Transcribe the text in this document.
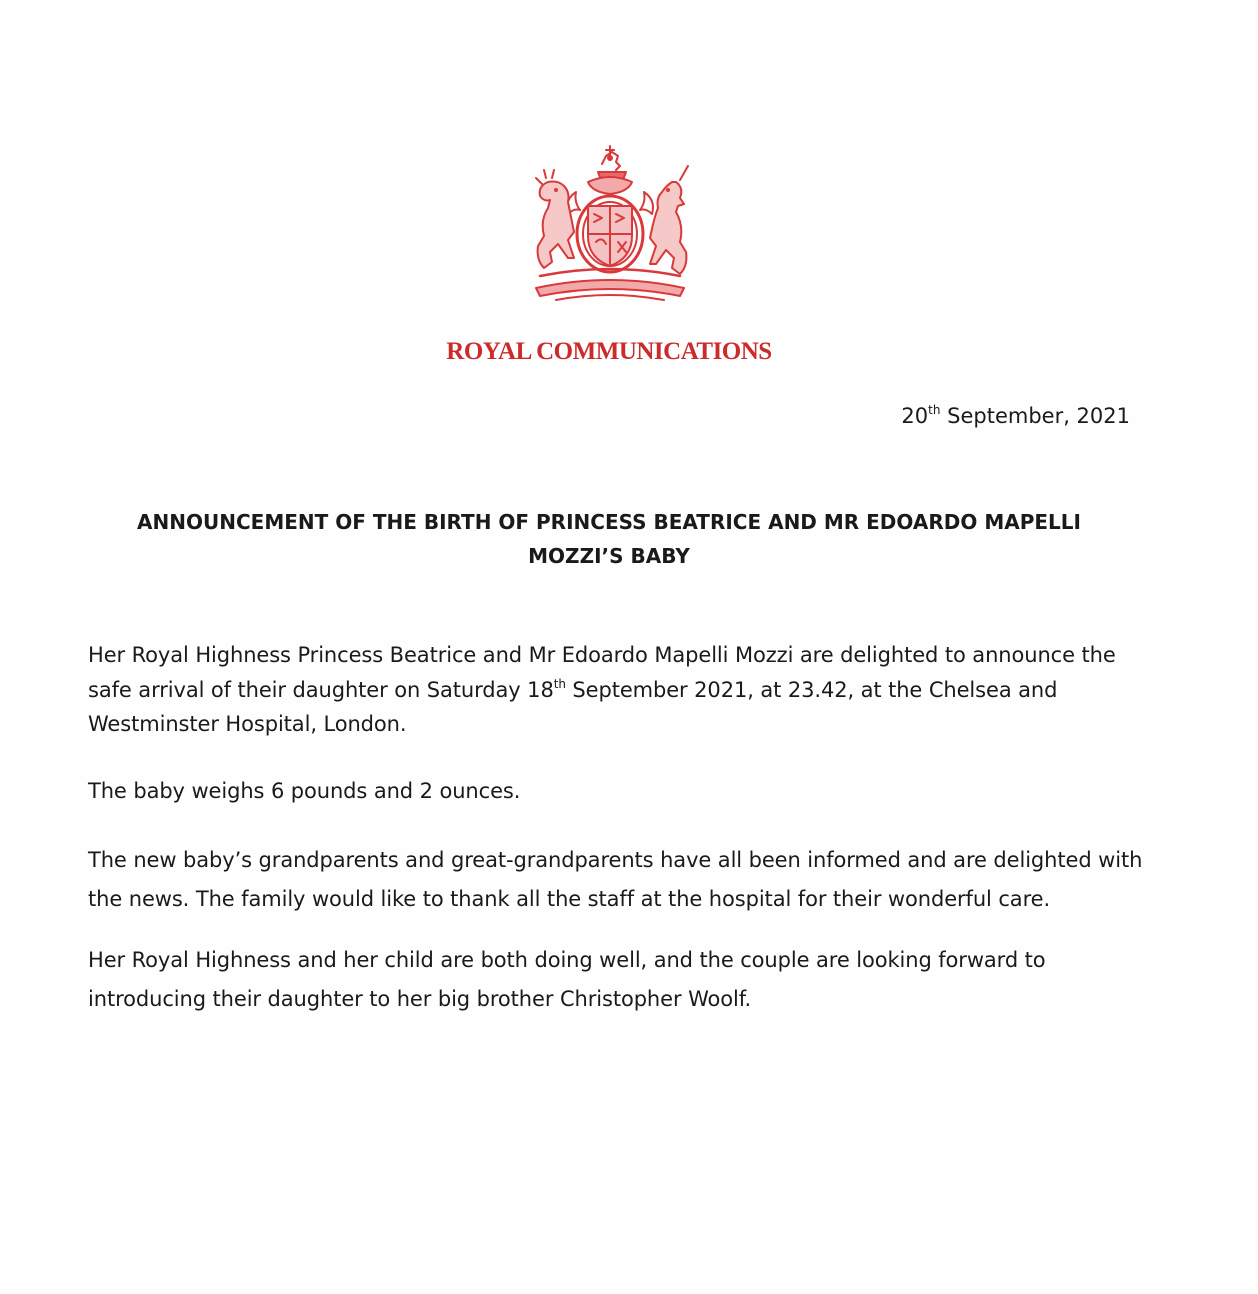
ROYAL COMMUNICATIONS
20th September, 2021
ANNOUNCEMENT OF THE BIRTH OF PRINCESS BEATRICE AND MR EDOARDO MAPELLI
MOZZI’S BABY

Her Royal Highness Princess Beatrice and Mr Edoardo Mapelli Mozzi are delighted to announce the safe arrival of their daughter on Saturday 18th September 2021, at 23.42, at the Chelsea and Westminster Hospital, London.

The baby weighs 6 pounds and 2 ounces.

The new baby’s grandparents and great-grandparents have all been informed and are delighted with the news. The family would like to thank all the staff at the hospital for their wonderful care.

Her Royal Highness and her child are both doing well, and the couple are looking forward to introducing their daughter to her big brother Christopher Woolf.
